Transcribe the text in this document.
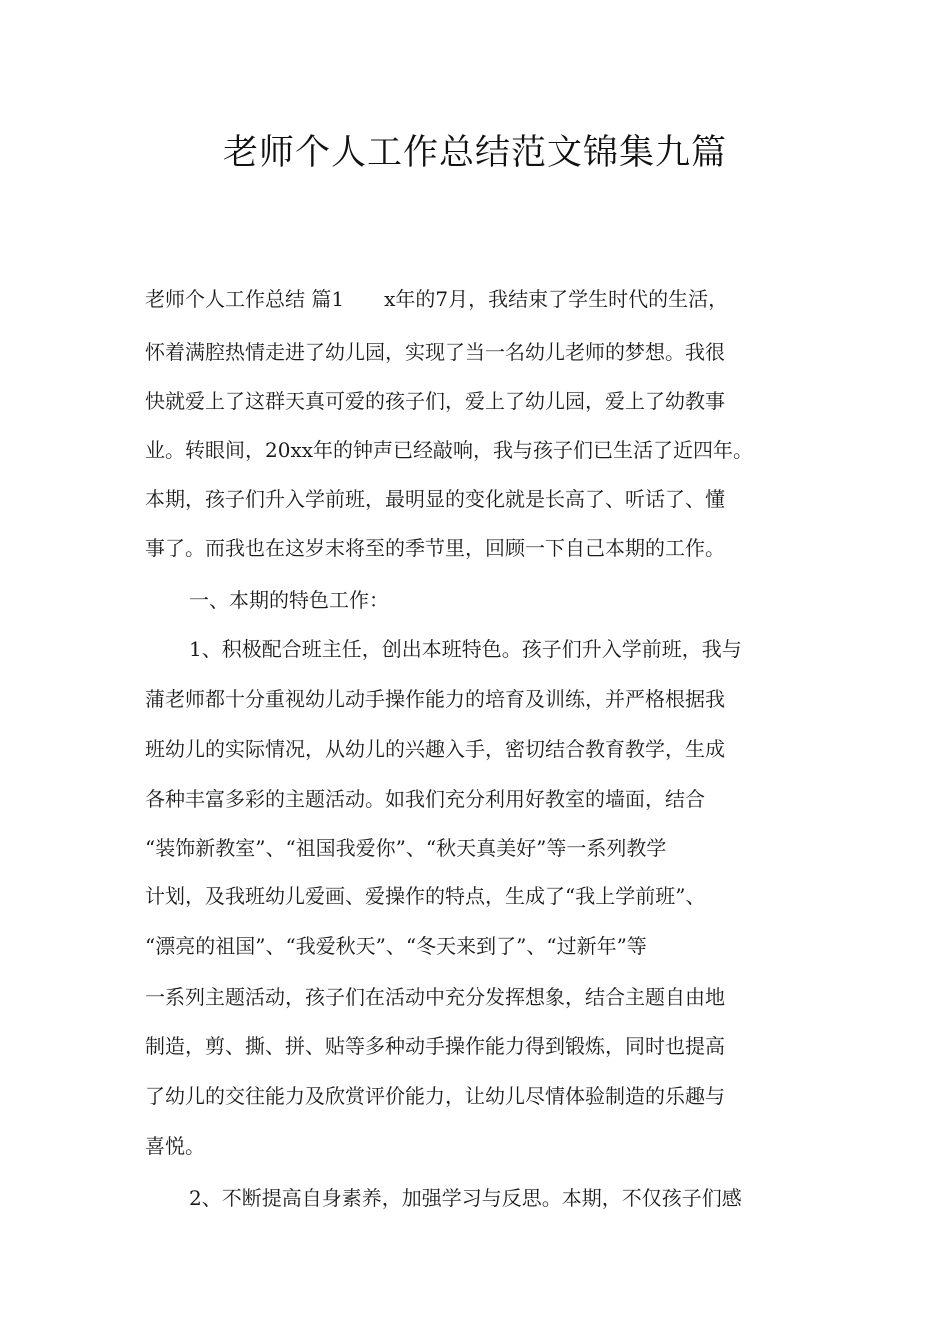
老师个人工作总结范文锦集九篇
老师个人工作总结 篇1　　x年的7月，我结束了学生时代的生活，
怀着满腔热情走进了幼儿园，实现了当一名幼儿老师的梦想。我很
快就爱上了这群天真可爱的孩子们，爱上了幼儿园，爱上了幼教事
业。转眼间，20xx年的钟声已经敲响，我与孩子们已生活了近四年。
本期，孩子们升入学前班，最明显的变化就是长高了、听话了、懂
事了。而我也在这岁末将至的季节里，回顾一下自己本期的工作。
一、本期的特色工作：
1、积极配合班主任，创出本班特色。孩子们升入学前班，我与
蒲老师都十分重视幼儿动手操作能力的培育及训练，并严格根据我
班幼儿的实际情况，从幼儿的兴趣入手，密切结合教育教学，生成
各种丰富多彩的主题活动。如我们充分利用好教室的墙面，结合
“装饰新教室”、“祖国我爱你”、“秋天真美好”等一系列教学
计划，及我班幼儿爱画、爱操作的特点，生成了“我上学前班”、
“漂亮的祖国”、“我爱秋天”、“冬天来到了”、“过新年”等
一系列主题活动，孩子们在活动中充分发挥想象，结合主题自由地
制造，剪、撕、拼、贴等多种动手操作能力得到锻炼，同时也提高
了幼儿的交往能力及欣赏评价能力，让幼儿尽情体验制造的乐趣与
喜悦。
2、不断提高自身素养，加强学习与反思。本期，不仅孩子们感
